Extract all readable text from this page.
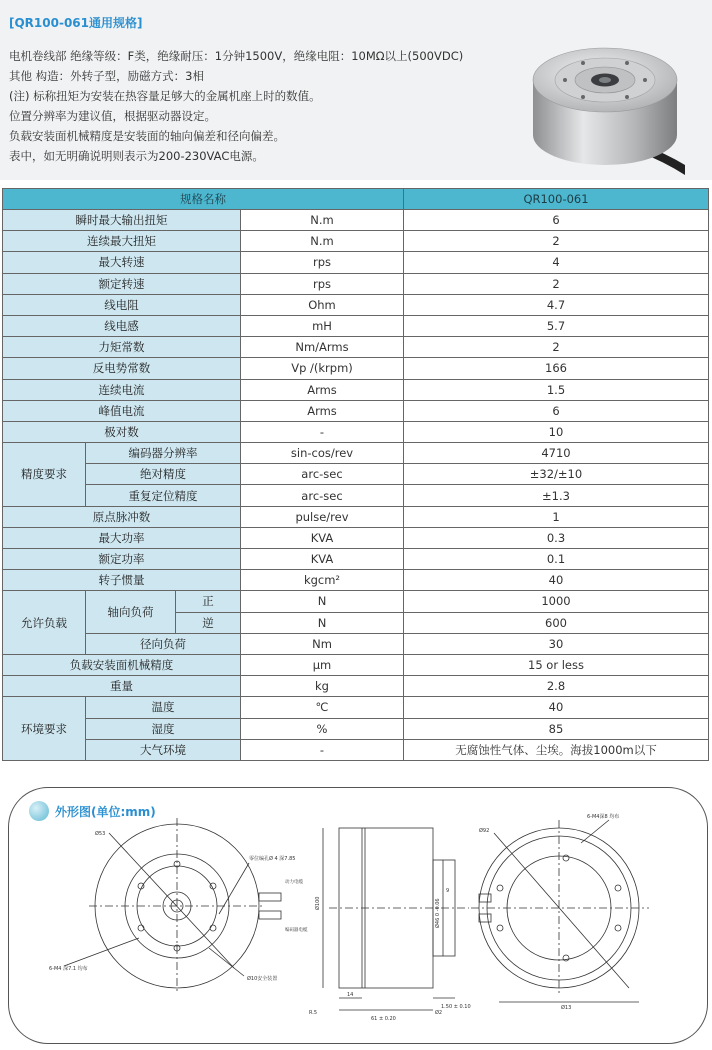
[QR100-061通用规格]
电机卷线部 绝缘等级：F类，绝缘耐压：1分钟1500V，绝缘电阻：10MΩ以上(500VDC)
其他 构造：外转子型，励磁方式：3相
(注) 标称扭矩为安装在热容量足够大的金属机座上时的数值。
位置分辨率为建议值，根据驱动器设定。
负载安装面机械精度是安装面的轴向偏差和径向偏差。
表中，如无明确说明则表示为200-230VAC电源。
规格名称				QR100-061
瞬时最大输出扭矩			N.m	6
连续最大扭矩			N.m	2
最大转速			rps	4
额定转速			rps	2
线电阻			Ohm	4.7
线电感			mH	5.7
力矩常数			Nm/Arms	2
反电势常数			Vp /(krpm)	166
连续电流			Arms	1.5
峰值电流			Arms	6
极对数			-	10
精度要求	编码器分辨率		sin-cos/rev	4710
	绝对精度		arc-sec	±32/±10
	重复定位精度		arc-sec	±1.3
原点脉冲数			pulse/rev	1
最大功率			KVA	0.3
额定功率			KVA	0.1
转子惯量			kgcm²	40
允许负载	轴向负荷	正	N	1000
		逆	N	600
	径向负荷		Nm	30
负载安装面机械精度			μm	15 or less
重量			kg	2.8
环境要求	温度		℃	40
	湿度		%	85
	大气环境		-	无腐蚀性气体、尘埃。海拔1000m以下
外形图(单位:mm)
Ø53
零位编孔Ø 4 深7.85
Ø10安全装置
6-M4 深7.1 均布
动力电缆
编码器电缆
Ø100	Ø46 0 -0.06
9
R.5
14
61 ± 0.20
1.50 ± 0.10
Ø2
Ø92
6-M4深8 均布
Ø13
